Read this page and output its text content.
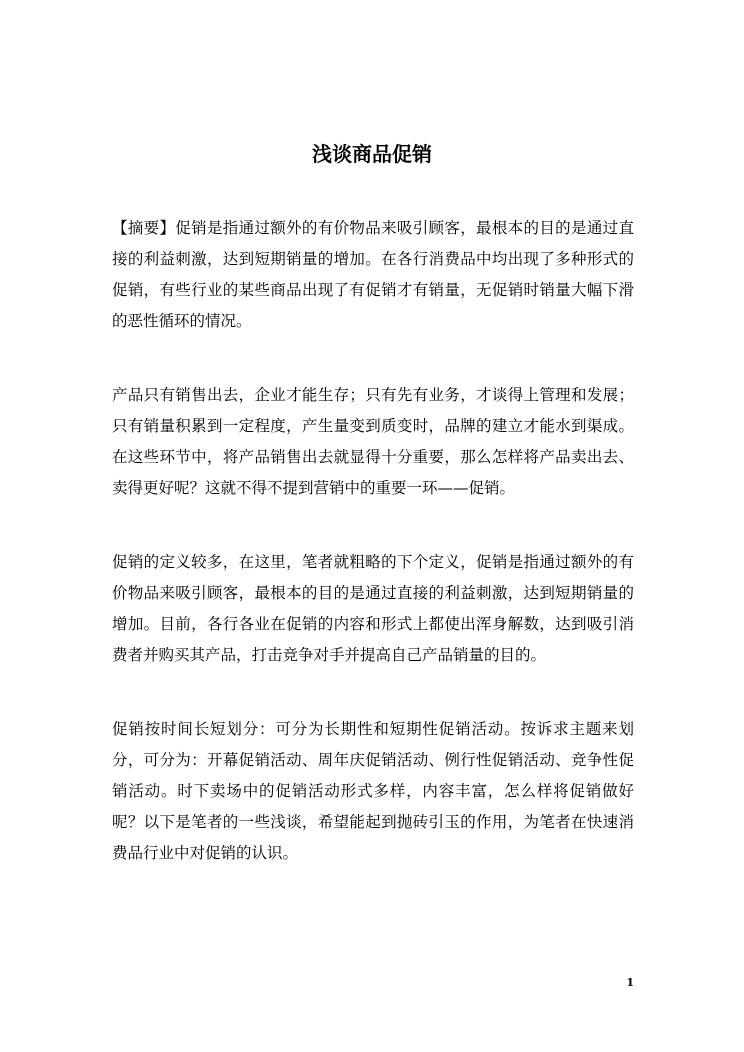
浅谈商品促销

【摘要】促销是指通过额外的有价物品来吸引顾客，最根本的目的是通过直接的利益刺激，达到短期销量的增加。在各行消费品中均出现了多种形式的促销，有些行业的某些商品出现了有促销才有销量，无促销时销量大幅下滑的恶性循环的情况。

产品只有销售出去，企业才能生存；只有先有业务，才谈得上管理和发展；只有销量积累到一定程度，产生量变到质变时，品牌的建立才能水到渠成。在这些环节中，将产品销售出去就显得十分重要，那么怎样将产品卖出去、卖得更好呢？这就不得不提到营销中的重要一环——促销。

促销的定义较多，在这里，笔者就粗略的下个定义，促销是指通过额外的有价物品来吸引顾客，最根本的目的是通过直接的利益刺激，达到短期销量的增加。目前，各行各业在促销的内容和形式上都使出浑身解数，达到吸引消费者并购买其产品，打击竞争对手并提高自己产品销量的目的。

促销按时间长短划分：可分为长期性和短期性促销活动。按诉求主题来划分，可分为：开幕促销活动、周年庆促销活动、例行性促销活动、竞争性促销活动。时下卖场中的促销活动形式多样，内容丰富，怎么样将促销做好呢？以下是笔者的一些浅谈，希望能起到抛砖引玉的作用，为笔者在快速消费品行业中对促销的认识。

1
